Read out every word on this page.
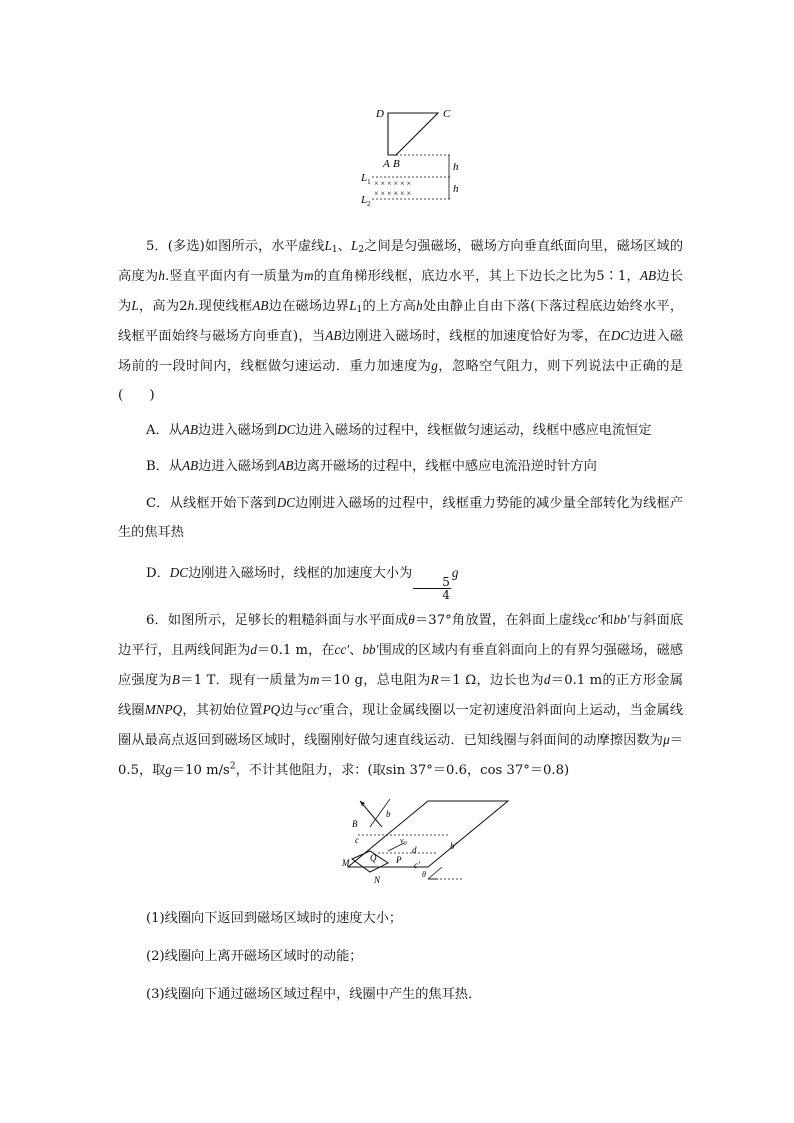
D	C
A B
× × × × × ×
× × × × × ×
h
h
$L_1$
$L_2$

5．(多选)如图所示，水平虚线$L_1$、$L_2$之间是匀强磁场，磁场方向垂直纸面向里，磁场区域的高度为h.竖直平面内有一质量为m的直角梯形线框，底边水平，其上下边长之比为5∶1，AB边长为L，高为2h.现使线框AB边在磁场边界$L_1$的上方高h处由静止自由下落(下落过程底边始终水平，线框平面始终与磁场方向垂直)，当AB边刚进入磁场时，线框的加速度恰好为零，在DC边进入磁场前的一段时间内，线框做匀速运动．重力加速度为g，忽略空气阻力，则下列说法中正确的是(　　)

A．从AB边进入磁场到DC边进入磁场的过程中，线框做匀速运动，线框中感应电流恒定

B．从AB边进入磁场到AB边离开磁场的过程中，线框中感应电流沿逆时针方向

C．从线框开始下落到DC边刚进入磁场的过程中，线框重力势能的减少量全部转化为线框产生的焦耳热

D．DC边刚进入磁场时，线框的加速度大小为
$\frac{5}{4}$
g

6．如图所示，足够长的粗糙斜面与水平面成θ＝37°角放置，在斜面上虚线cc′和bb′与斜面底边平行，且两线间距为d＝0.1 m，在cc′、bb′围成的区域内有垂直斜面向上的有界匀强磁场，磁感应强度为B＝1 T．现有一质量为m＝10 g，总电阻为R＝1 Ω，边长也为d＝0.1 m的正方形金属线圈MNPQ，其初始位置PQ边与cc′重合，现让金属线圈以一定初速度沿斜面向上运动，当金属线圈从最高点返回到磁场区域时，线圈刚好做匀速直线运动．已知线圈与斜面间的动摩擦因数为μ＝0.5，取g＝10 $m/s^2$，不计其他阻力，求：(取sin 37°＝0.6，cos 37°＝0.8)

B
b
b'
c
c'
M
N
Q P
d
$v_0$
θ

(1)线圈向下返回到磁场区域时的速度大小；

(2)线圈向上离开磁场区域时的动能；

(3)线圈向下通过磁场区域过程中，线圈中产生的焦耳热．
